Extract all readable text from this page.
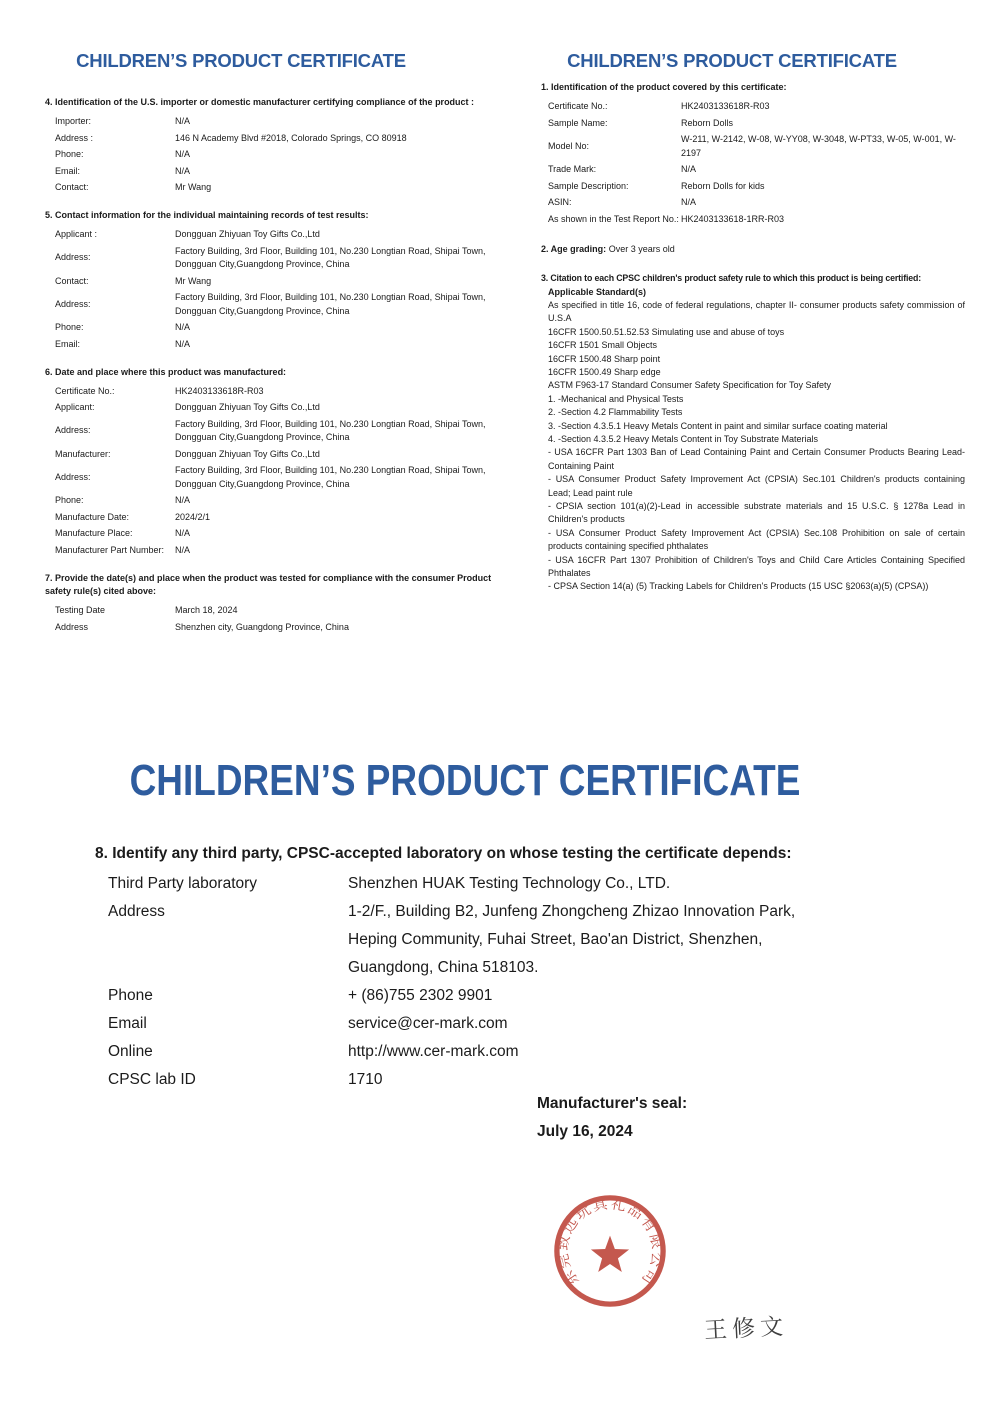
CHILDREN’S PRODUCT CERTIFICATE

4. Identification of the U.S. importer or domestic manufacturer certifying compliance of the product :

Importer:	N/A
Address :	146 N Academy Blvd #2018, Colorado Springs, CO 80918
Phone:	N/A
Email:	N/A
Contact:	Mr Wang

5. Contact information for the individual maintaining records of test results:

Applicant :	Dongguan Zhiyuan Toy Gifts Co.,Ltd
Address:
Factory Building, 3rd Floor, Building 101, No.230 Longtian Road, Shipai Town, Dongguan City,Guangdong Province, China
Contact:	Mr Wang
Address:
Factory Building, 3rd Floor, Building 101, No.230 Longtian Road, Shipai Town, Dongguan City,Guangdong Province, China
Phone:	N/A
Email:	N/A

6. Date and place where this product was manufactured:

Certificate No.:	HK2403133618R-R03
Applicant:	Dongguan Zhiyuan Toy Gifts Co.,Ltd
Address:
Factory Building, 3rd Floor, Building 101, No.230 Longtian Road, Shipai Town, Dongguan City,Guangdong Province, China
Manufacturer:	Dongguan Zhiyuan Toy Gifts Co.,Ltd
Address:
Factory Building, 3rd Floor, Building 101, No.230 Longtian Road, Shipai Town, Dongguan City,Guangdong Province, China
Phone:	N/A
Manufacture Date:	2024/2/1
Manufacture Place:	N/A
Manufacturer Part Number:	N/A

7. Provide the date(s) and place when the product was tested for compliance with the consumer Product safety rule(s) cited above:

Testing Date	March 18, 2024
Address	Shenzhen city, Guangdong Province, China
CHILDREN’S PRODUCT CERTIFICATE

1. Identification of the product covered by this certificate:

Certificate No.:	HK2403133618R-R03
Sample Name:	Reborn Dolls
Model No:
W-211, W-2142, W-08, W-YY08, W-3048, W-PT33, W-05, W-001, W-2197
Trade Mark:	N/A
Sample Description:	Reborn Dolls for kids
ASIN:	N/A
As shown in the Test Report No.: HK2403133618-1RR-R03

2. Age grading: Over 3 years old

3. Citation to each CPSC children's product safety rule to which this product is being certified:

Applicable Standard(s)

As specified in title 16, code of federal regulations, chapter II- consumer products safety commission of U.S.A

16CFR 1500.50.51.52.53 Simulating use and abuse of toys

16CFR 1501 Small Objects

16CFR 1500.48 Sharp point

16CFR 1500.49 Sharp edge

ASTM F963-17 Standard Consumer Safety Specification for Toy Safety

1. -Mechanical and Physical Tests

2. -Section 4.2 Flammability Tests

3. -Section 4.3.5.1 Heavy Metals Content in paint and similar surface coating material

4. -Section 4.3.5.2 Heavy Metals Content in Toy Substrate Materials

- USA 16CFR Part 1303 Ban of Lead Containing Paint and Certain Consumer Products Bearing Lead-Containing Paint

- USA Consumer Product Safety Improvement Act (CPSIA) Sec.101 Children's products containing Lead; Lead paint rule

- CPSIA section 101(a)(2)-Lead in accessible substrate materials and 15 U.S.C. § 1278a Lead in Children's products

- USA Consumer Product Safety Improvement Act (CPSIA) Sec.108 Prohibition on sale of certain products containing specified phthalates

- USA 16CFR Part 1307 Prohibition of Children's Toys and Child Care Articles Containing Specified Phthalates

- CPSA Section 14(a) (5) Tracking Labels for Children's Products (15 USC §2063(a)(5) (CPSA))

CHILDREN’S PRODUCT CERTIFICATE

8. Identify any third party, CPSC-accepted laboratory on whose testing the certificate depends:

Third Party laboratory	Shenzhen HUAK Testing Technology Co., LTD.
Address	1-2/F., Building B2, Junfeng Zhongcheng Zhizao Innovation Park, Heping Community, Fuhai Street, Bao'an District, Shenzhen, Guangdong, China 518103.
Phone	+ (86)755 2302 9901
Email	service@cer-mark.com
Online	http://www.cer-mark.com
CPSC lab ID	1710

Manufacturer's seal:

July 16, 2024

东莞致远玩具礼品有限公司
王修文
